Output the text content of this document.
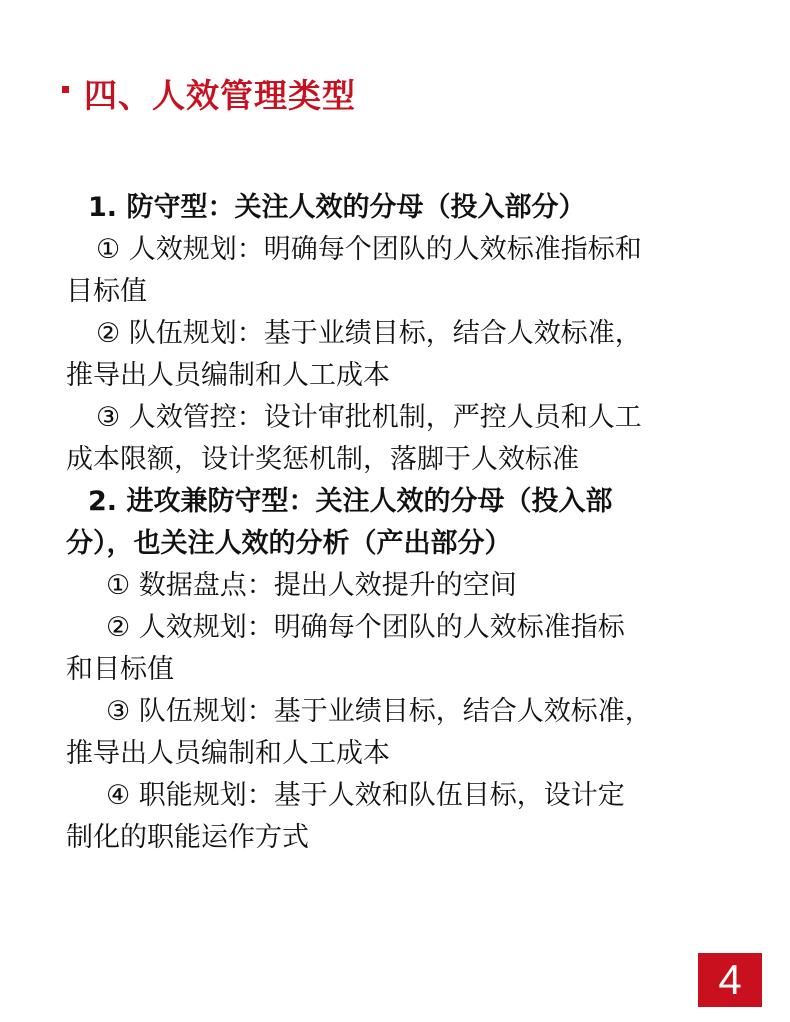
四、人效管理类型
1. 防守型：关注人效的分母（投入部分）
① 人效规划：明确每个团队的人效标准指标和
目标值
② 队伍规划：基于业绩目标，结合人效标准，
推导出人员编制和人工成本
③ 人效管控：设计审批机制，严控人员和人工
成本限额，设计奖惩机制，落脚于人效标准
2. 进攻兼防守型：关注人效的分母（投入部
分），也关注人效的分析（产出部分）
① 数据盘点：提出人效提升的空间
② 人效规划：明确每个团队的人效标准指标
和目标值
③ 队伍规划：基于业绩目标，结合人效标准，
推导出人员编制和人工成本
④ 职能规划：基于人效和队伍目标，设计定
制化的职能运作方式
4
